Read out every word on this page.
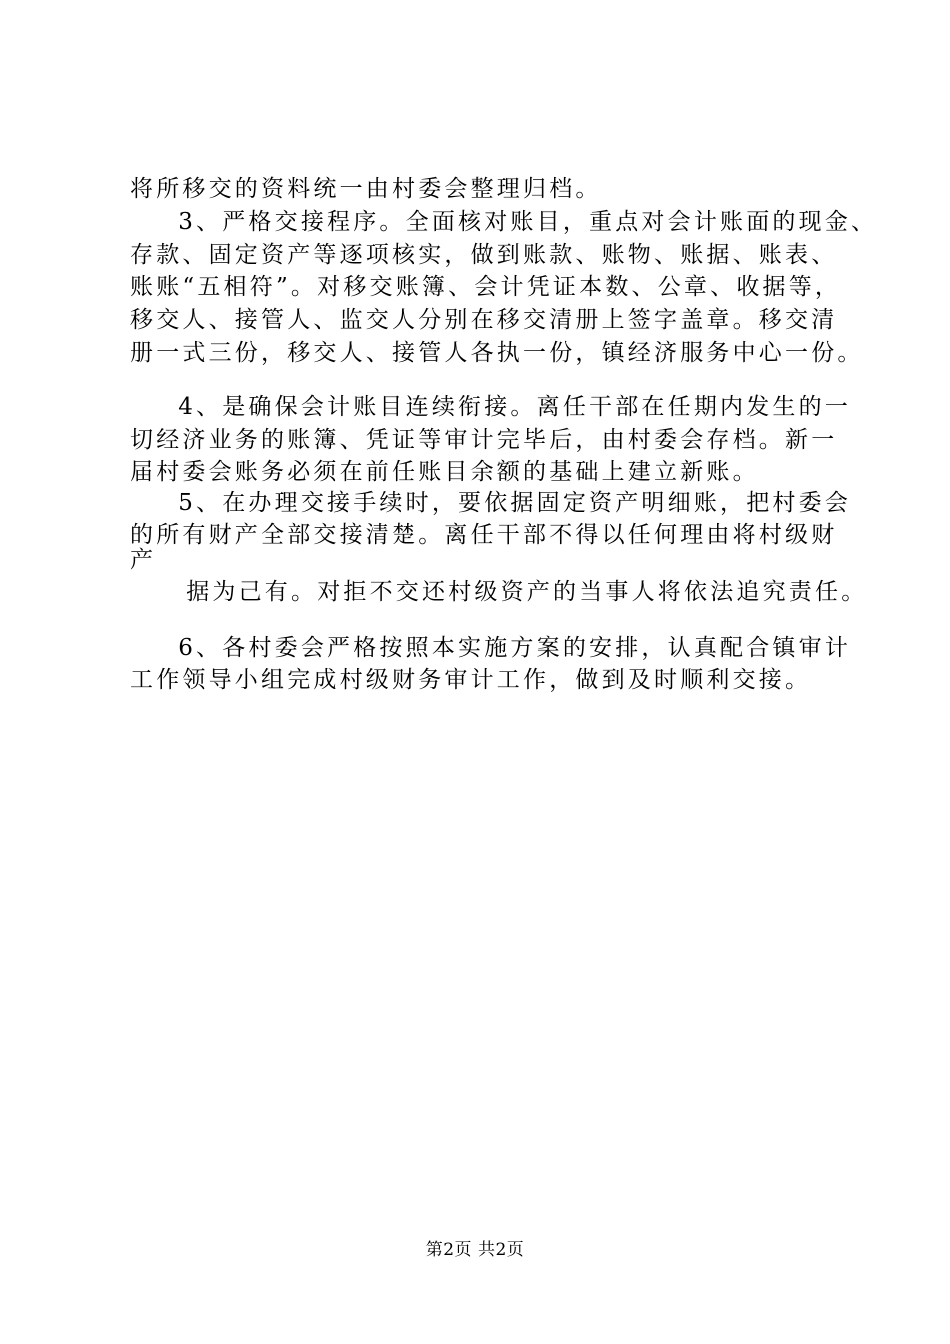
将所移交的资料统一由村委会整理归档。
　3、严格交接程序。全面核对账目，重点对会计账面的现金、
存款、固定资产等逐项核实，做到账款、账物、账据、账表、
账账“五相符”。对移交账簿、会计凭证本数、公章、收据等，
移交人、接管人、监交人分别在移交清册上签字盖章。移交清
册一式三份，移交人、接管人各执一份，镇经济服务中心一份。
　4、是确保会计账目连续衔接。离任干部在任期内发生的一
切经济业务的账簿、凭证等审计完毕后，由村委会存档。新一
届村委会账务必须在前任账目余额的基础上建立新账。
　5、在办理交接手续时，要依据固定资产明细账，把村委会
的所有财产全部交接清楚。离任干部不得以任何理由将村级财
产
　据为己有。对拒不交还村级资产的当事人将依法追究责任。
　6、各村委会严格按照本实施方案的安排，认真配合镇审计
工作领导小组完成村级财务审计工作，做到及时顺利交接。
第2页 共2页
